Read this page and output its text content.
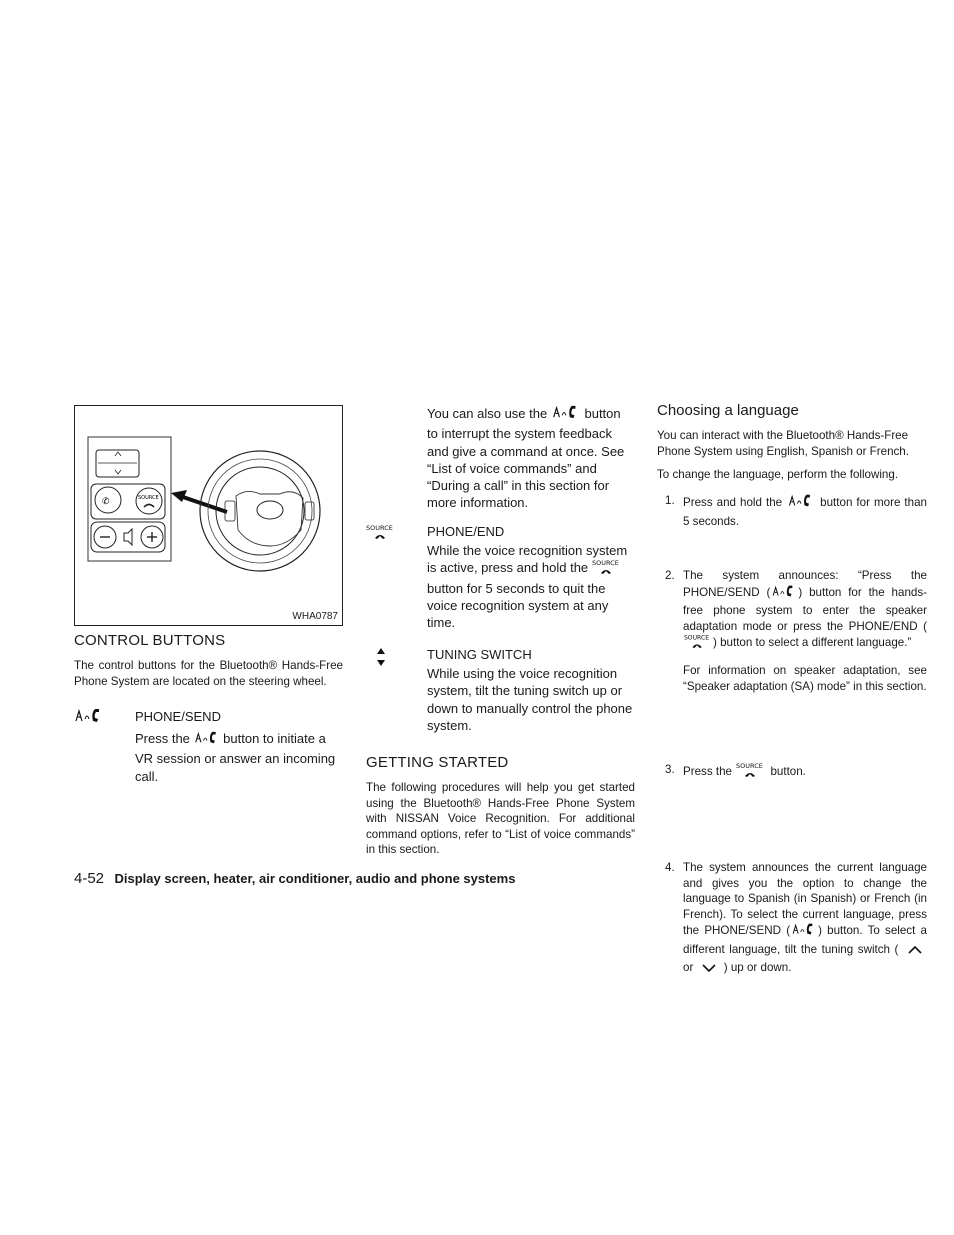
✆	SOURCE
WHA0787
CONTROL BUTTONS

The control buttons for the Bluetooth® Hands-Free Phone System are located on the steering wheel.

PHONE/SEND

Press the	button to initiate a VR session or answer an incoming call.

You can also use the	button to interrupt the system feedback and give a command at once. See “List of voice commands” and “During a call” in this section for more information.

SOURCE	PHONE/END

While the voice recognition system is active, press and hold the SOURCE
button for 5 seconds to quit the voice recognition system at any time.

TUNING SWITCH

While using the voice recognition system, tilt the tuning switch up or down to manually control the phone system.

GETTING STARTED

The following procedures will help you get started using the Bluetooth® Hands-Free Phone System with NISSAN Voice Recognition. For additional command options, refer to “List of voice commands” in this section.

Choosing a language

You can interact with the Bluetooth® Hands-Free Phone System using English, Spanish or French.

To change the language, perform the following.

1. Press and hold the	button for more than 5 seconds.
2. The system announces: “Press the PHONE/SEND ( ) button for the hands-free phone system to enter the speaker adaptation mode or press the PHONE/END (
SOURCE ) button to select a different language.”
3. Press the SOURCE button.

For information on speaker adaptation, see “Speaker adaptation (SA) mode” in this section.

4. The system announces the current language and gives you the option to change the language to Spanish (in Spanish) or French (in French). To select the current language, press the PHONE/SEND ( ) button. To select a different language, tilt the tuning switch (  or	) up or down.
4-52 Display screen, heater, air conditioner, audio and phone systems
